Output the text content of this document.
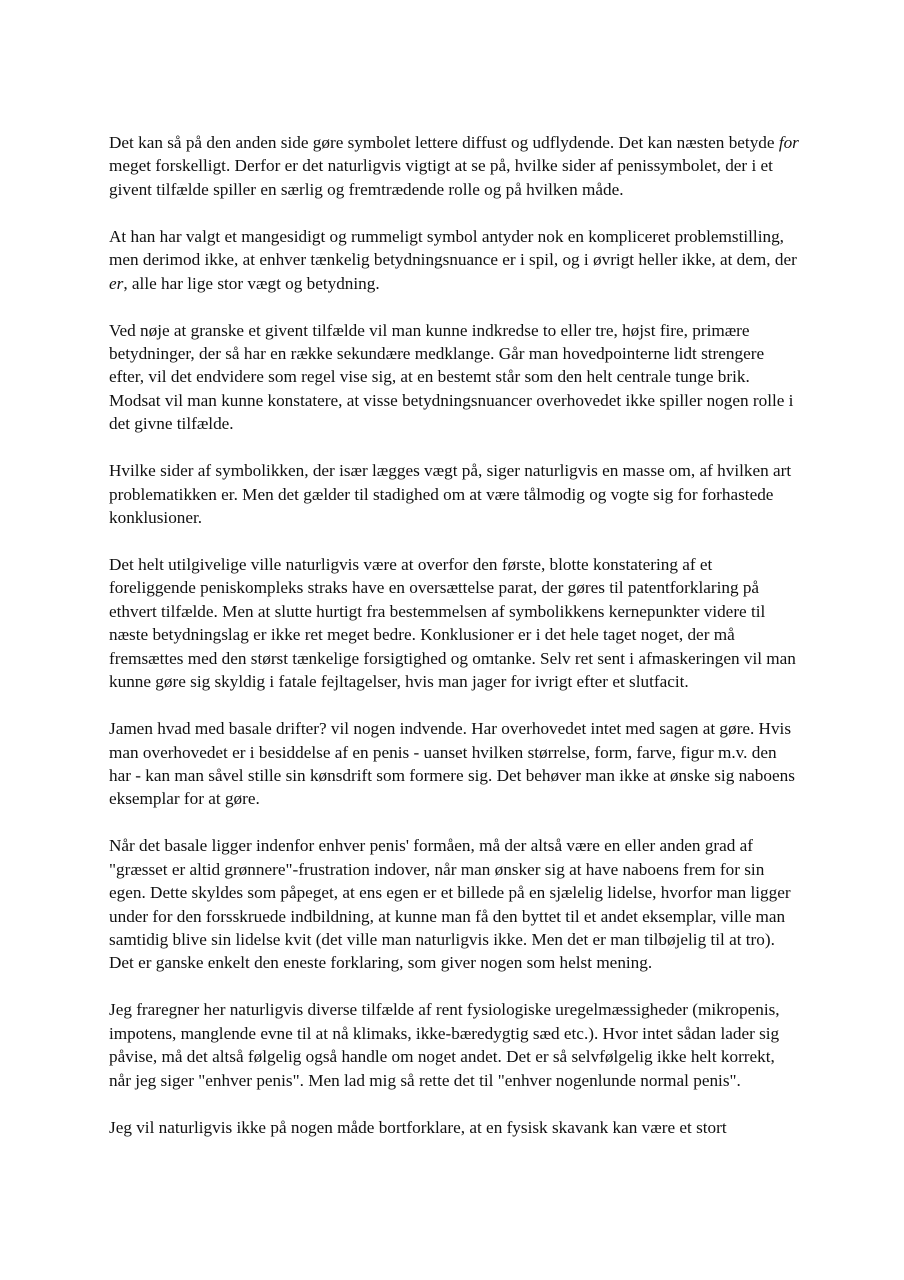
Det kan så på den anden side gøre symbolet lettere diffust og udflydende. Det kan næsten betyde for meget forskelligt. Derfor er det naturligvis vigtigt at se på, hvilke sider af penissymbolet, der i et givent tilfælde spiller en særlig og fremtrædende rolle og på hvilken måde.

At han har valgt et mangesidigt og rummeligt symbol antyder nok en kompliceret problemstilling, men derimod ikke, at enhver tænkelig betydningsnuance er i spil, og i øvrigt heller ikke, at dem, der er, alle har lige stor vægt og betydning.

Ved nøje at granske et givent tilfælde vil man kunne indkredse to eller tre, højst fire, primære betydninger, der så har en række sekundære medklange. Går man hovedpointerne lidt strengere efter, vil det endvidere som regel vise sig, at en bestemt står som den helt centrale tunge brik. Modsat vil man kunne konstatere, at visse betydningsnuancer overhovedet ikke spiller nogen rolle i det givne tilfælde.

Hvilke sider af symbolikken, der især lægges vægt på, siger naturligvis en masse om, af hvilken art problematikken er. Men det gælder til stadighed om at være tålmodig og vogte sig for forhastede konklusioner.

Det helt utilgivelige ville naturligvis være at overfor den første, blotte konstatering af et foreliggende peniskompleks straks have en oversættelse parat, der gøres til patentforklaring på ethvert tilfælde. Men at slutte hurtigt fra bestemmelsen af symbolikkens kernepunkter videre til næste betydningslag er ikke ret meget bedre. Konklusioner er i det hele taget noget, der må fremsættes med den størst tænkelige forsigtighed og omtanke. Selv ret sent i afmaskeringen vil man kunne gøre sig skyldig i fatale fejltagelser, hvis man jager for ivrigt efter et slutfacit.

Jamen hvad med basale drifter? vil nogen indvende. Har overhovedet intet med sagen at gøre. Hvis man overhovedet er i besiddelse af en penis - uanset hvilken størrelse, form, farve, figur m.v. den har - kan man såvel stille sin kønsdrift som formere sig. Det behøver man ikke at ønske sig naboens eksemplar for at gøre.

Når det basale ligger indenfor enhver penis' formåen, må der altså være en eller anden grad af "græsset er altid grønnere"-frustration indover, når man ønsker sig at have naboens frem for sin egen. Dette skyldes som påpeget, at ens egen er et billede på en sjælelig lidelse, hvorfor man ligger under for den forsskruede indbildning, at kunne man få den byttet til et andet eksemplar, ville man samtidig blive sin lidelse kvit (det ville man naturligvis ikke. Men det er man tilbøjelig til at tro). Det er ganske enkelt den eneste forklaring, som giver nogen som helst mening.

Jeg fraregner her naturligvis diverse tilfælde af rent fysiologiske uregelmæssigheder (mikropenis, impotens, manglende evne til at nå klimaks, ikke-bæredygtig sæd etc.). Hvor intet sådan lader sig påvise, må det altså følgelig også handle om noget andet. Det er så selvfølgelig ikke helt korrekt, når jeg siger "enhver penis". Men lad mig så rette det til "enhver nogenlunde normal penis".

Jeg vil naturligvis ikke på nogen måde bortforklare, at en fysisk skavank kan være et stort
